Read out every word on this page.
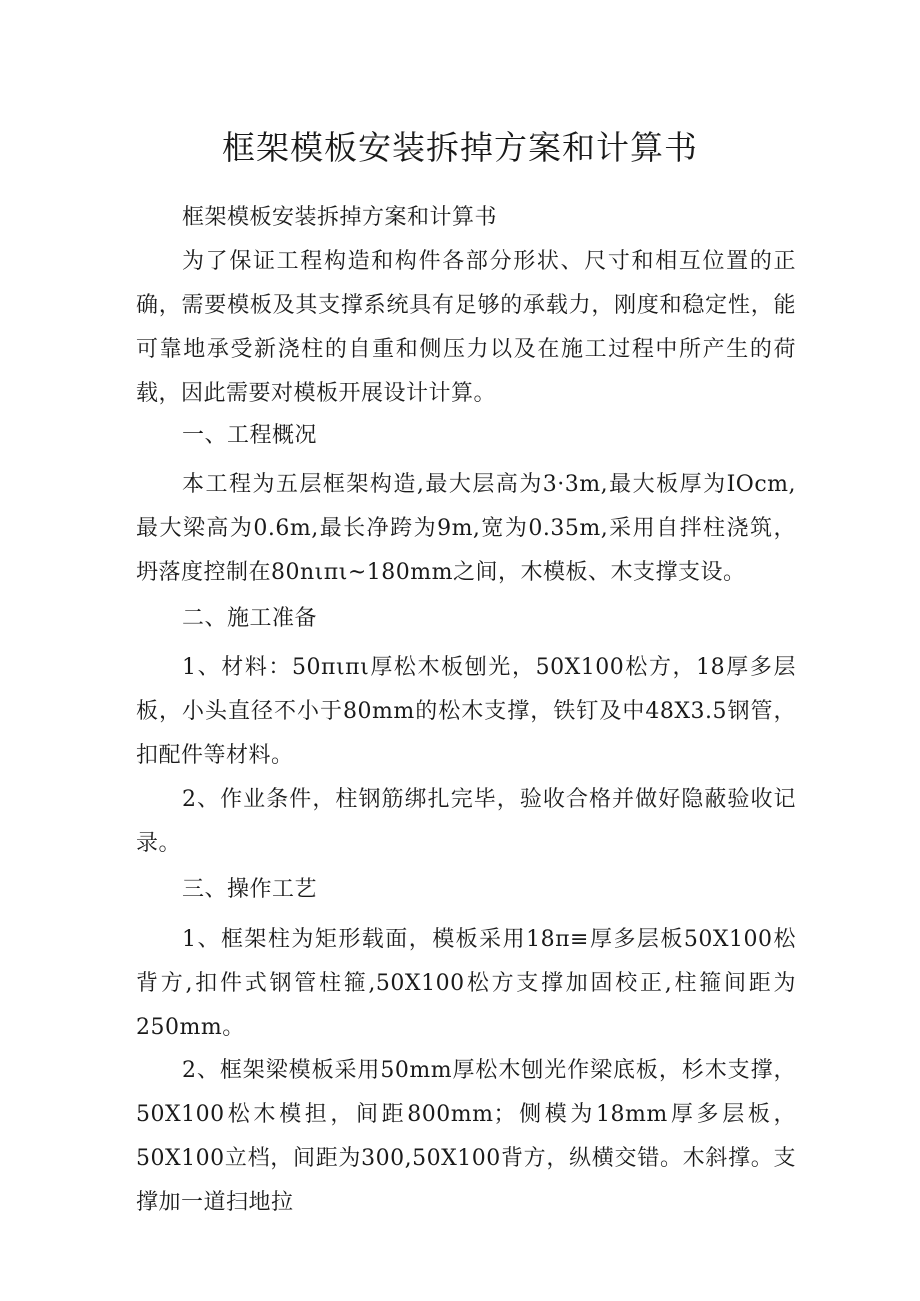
框架模板安装拆掉方案和计算书

框架模板安装拆掉方案和计算书

为了保证工程构造和构件各部分形状、尺寸和相互位置的正确，需要模板及其支撑系统具有足够的承载力，刚度和稳定性，能可靠地承受新浇柱的自重和侧压力以及在施工过程中所产生的荷载，因此需要对模板开展设计计算。

一、工程概况

本工程为五层框架构造,最大层高为3·3m,最大板厚为IOcm,最大梁高为0.6m,最长净跨为9m,宽为0.35m,采用自拌柱浇筑，坍落度控制在80nιπι~180mm之间，木模板、木支撑支设。

二、施工准备

1、材料：50πιπι厚松木板刨光，50X100松方，18厚多层板，小头直径不小于80mm的松木支撑，铁钉及中48X3.5钢管，扣配件等材料。

2、作业条件，柱钢筋绑扎完毕，验收合格并做好隐蔽验收记录。

三、操作工艺

1、框架柱为矩形载面，模板采用18π≡厚多层板50X100松背方,扣件式钢管柱箍,50X100松方支撑加固校正,柱箍间距为250mm。

2、框架梁模板采用50mm厚松木刨光作梁底板，杉木支撑，50X100松木模担，间距800mm；侧模为18mm厚多层板，50X100立档，间距为300,50X100背方，纵横交错。木斜撑。支撑加一道扫地拉
